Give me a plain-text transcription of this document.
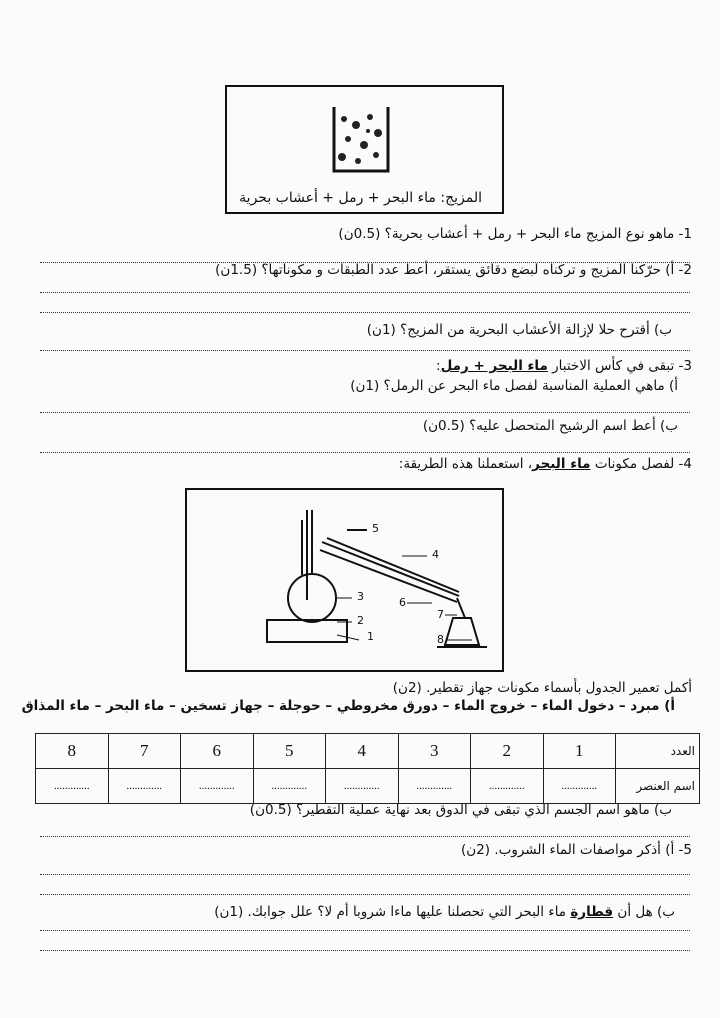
المزيج: ماء البحر + رمل + أعشاب بحرية
1- ماهو نوع المزيج ماء البحر + رمل + أعشاب بحرية؟ (0.5ن)
2- أ) حرّكنا المزيج و تركناه لبضع دقائق يستقر، أعط عدد الطبقات و مكوناتها؟ (1.5ن)
ب) أقترح حلا لإزالة الأعشاب البحرية من المزيج؟ (1ن)
3- تبقى في كأس الاختبار ماء البحر + رمل:
أ) ماهي العملية المناسبة لفصل ماء البحر عن الرمل؟ (1ن)
ب) أعط اسم الرشيح المتحصل عليه؟ (0.5ن)
4- لفصل مكونات ماء البحر، استعملنا هذه الطريقة:
1
2
3
4
5
6
7
8
أكمل تعمير الجدول بأسماء مكونات جهاز تقطير. (2ن)
أ) مبرد – دخول الماء – خروج الماء – دورق مخروطي – حوجلة – جهاز تسخين – ماء البحر – ماء المذاق
العدد	1	2	3	4	5	6	7	8
اسم العنصر	.............	.............	.............	.............	.............	.............	.............	.............
ب) ماهو اسم الجسم الذي تبقى في الدوق بعد نهاية عملية التقطير؟ (0.5ن)
5- أ) أذكر مواصفات الماء الشروب. (2ن)
ب) هل أن قطارة ماء البحر التي تحصلنا عليها ماءا شروبا أم لا؟ علل جوابك. (1ن)
